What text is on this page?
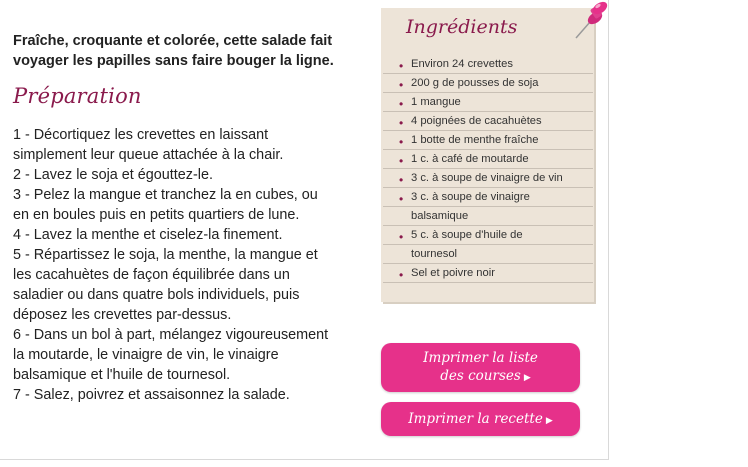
Fraîche, croquante et colorée, cette salade fait
voyager les papilles sans faire bouger la ligne.
Préparation
1 - Décortiquez les crevettes en laissant
simplement leur queue attachée à la chair.
2 - Lavez le soja et égouttez-le.
3 - Pelez la mangue et tranchez la en cubes, ou
en en boules puis en petits quartiers de lune.
4 - Lavez la menthe et ciselez-la finement.
5 - Répartissez le soja, la menthe, la mangue et
les cacahuètes de façon équilibrée dans un
saladier ou dans quatre bols individuels, puis
déposez les crevettes par-dessus.
6 - Dans un bol à part, mélangez vigoureusement
la moutarde, le vinaigre de vin, le vinaigre
balsamique et l'huile de tournesol.
7 - Salez, poivrez et assaisonnez la salade.
Ingrédients
• Environ 24 crevettes
• 200 g de pousses de soja
• 1 mangue
• 4 poignées de cacahuètes
• 1 botte de menthe fraîche
• 1 c. à café de moutarde
• 3 c. à soupe de vinaigre de vin
• 3 c. à soupe de vinaigre
balsamique
• 5 c. à soupe d'huile de
tournesol
• Sel et poivre noir
Imprimer la liste
des courses ▶
Imprimer la recette ▶
